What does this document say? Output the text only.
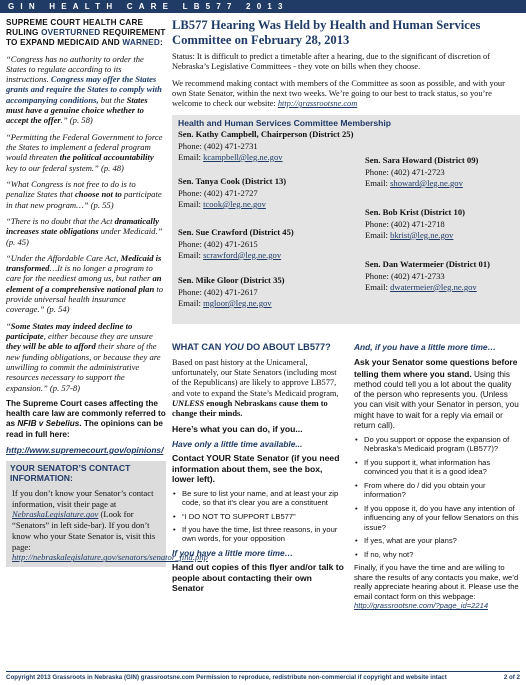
GIN HEALTH CARE LB577 2013
SUPREME COURT HEALTH CARE RULING OVERTURNED REQUIREMENT TO EXPAND MEDICAID AND WARNED:

“Congress has no authority to order the States to regulate according to its instructions. Congress may offer the States grants and require the States to comply with accompanying conditions, but the States must have a genuine choice whether to accept the offer.” (p. 58)

“Permitting the Federal Government to force the States to implement a federal program would threaten the political accountability key to our federal system.” (p. 48)

“What Congress is not free to do is to penalize States that choose not to participate in that new program…” (p. 55)

“There is no doubt that the Act dramatically increases state obligations under Medicaid.” (p. 45)

“Under the Affordable Care Act, Medicaid is transformed…It is no longer a program to care for the neediest among us, but rather an element of a comprehensive national plan to provide universal health insurance coverage.” (p. 54)

“Some States may indeed decline to participate, either because they are unsure they will be able to afford their share of the new funding obligations, or because they are unwilling to commit the administrative resources necessary to support the expansion.” (p. 57-8)

The Supreme Court cases affecting the health care law are commonly referred to as NFIB v Sebelius. The opinions can be read in full here:

http://www.supremecourt.gov/opinions/
YOUR SENATOR’S CONTACT INFORMATION:

If you don’t know your Senator’s contact information, visit their page at NebraskaLegislature.gov (Look for “Senators” in left side-bar). If you don’t know who your State Senator is, visit this page: http://nebraskalegislature.gov/senators/senator_find.php

LB577 Hearing Was Held by Health and Human Services Committee on February 28, 2013

Status: It is difficult to predict a timetable after a hearing, due to the significant of discretion of Nebraska’s Legislative Committees - they vote on bills when they choose.

We recommend making contact with members of the Committee as soon as possible, and with your own State Senator, within the next two weeks. We’re going to our best to track status, so you’re welcome to check our website: http://grassrootsne.com

Health and Human Services Committee Membership
Sen. Kathy Campbell, Chairperson (District 25)
Phone: (402) 471-2731
Email: kcampbell@leg.ne.gov
Sen. Tanya Cook (District 13)
Phone: (402) 471-2727
Email: tcook@leg.ne.gov
Sen. Sue Crawford (District 45)
Phone: (402) 471-2615
Email: scrawford@leg.ne.gov
Sen. Mike Gloor (District 35)
Phone: (402) 471-2617
Email: mgloor@leg.ne.gov
Sen. Sara Howard (District 09)
Phone: (402) 471-2723
Email: showard@leg.ne.gov
Sen. Bob Krist (District 10)
Phone: (402) 471-2718
Email: bkrist@leg.ne.gov
Sen. Dan Watermeier (District 01)
Phone: (402) 471-2733
Email: dwatermeier@leg.ne.gov
WHAT CAN YOU DO ABOUT LB577?

Based on past history at the Unicameral, unfortunately, our State Senators (including most of the Republicans) are likely to approve LB577, and vote to expand the State’s Medicaid program, UNLESS enough Nebraskans cause them to change their minds.

Here’s what you can do, if you...
Have only a little time available...
Contact YOUR State Senator (if you need information about them, see the box, lower left).
• Be sure to list your name, and at least your zip code, so that it’s clear you are a constituent
• “I DO NOT TO SUPPORT LB577”
• If you have the time, list three reasons, in your own words, for your opposition
If you have a little more time…
Hand out copies of this flyer and/or talk to people about contacting their own Senator
And, if you have a little more time…

Ask your Senator some questions before telling them where you stand. Using this method could tell you a lot about the quality of the person who represents you. (Unless you can visit with your Senator in person, you might have to wait for a reply via email or return call).

• Do you support or oppose the expansion of Nebraska’s Medicaid program (LB577)?
• If you support it, what information has convinced you that it is a good idea?
• From where do / did you obtain your information?
• If you oppose it, do you have any intention of influencing any of your fellow Senators on this issue?
• If yes, what are your plans?
• If no, why not?

Finally, if you have the time and are willing to share the results of any contacts you make, we’d really appreciate hearing about it. Please use the email contact form on this webpage: http://grassrootsne.com/?page_id=2214

Copyright 2013 Grassroots in Nebraska (GIN) grassrootsne.com Permission to reproduce, redistribute non-commercial if copyright and website intact	2 of 2
